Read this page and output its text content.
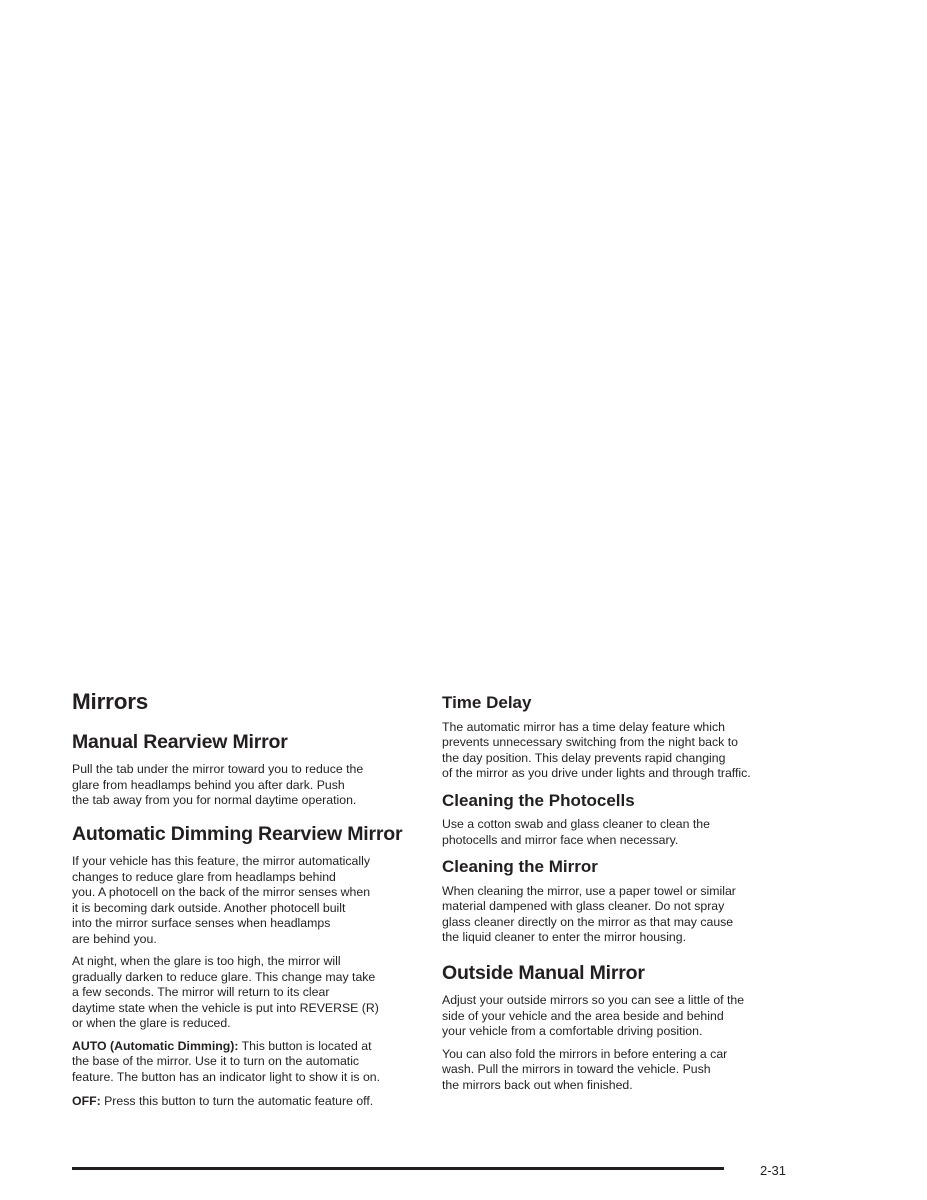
Mirrors
Manual Rearview Mirror

Pull the tab under the mirror toward you to reduce the
glare from headlamps behind you after dark. Push
the tab away from you for normal daytime operation.

Automatic Dimming Rearview Mirror

If your vehicle has this feature, the mirror automatically
changes to reduce glare from headlamps behind
you. A photocell on the back of the mirror senses when
it is becoming dark outside. Another photocell built
into the mirror surface senses when headlamps
are behind you.

At night, when the glare is too high, the mirror will
gradually darken to reduce glare. This change may take
a few seconds. The mirror will return to its clear
daytime state when the vehicle is put into REVERSE (R)
or when the glare is reduced.

AUTO (Automatic Dimming): This button is located at
the base of the mirror. Use it to turn on the automatic
feature. The button has an indicator light to show it is on.

OFF: Press this button to turn the automatic feature off.

Time Delay

The automatic mirror has a time delay feature which
prevents unnecessary switching from the night back to
the day position. This delay prevents rapid changing
of the mirror as you drive under lights and through traffic.

Cleaning the Photocells

Use a cotton swab and glass cleaner to clean the
photocells and mirror face when necessary.

Cleaning the Mirror

When cleaning the mirror, use a paper towel or similar
material dampened with glass cleaner. Do not spray
glass cleaner directly on the mirror as that may cause
the liquid cleaner to enter the mirror housing.

Outside Manual Mirror

Adjust your outside mirrors so you can see a little of the
side of your vehicle and the area beside and behind
your vehicle from a comfortable driving position.

You can also fold the mirrors in before entering a car
wash. Pull the mirrors in toward the vehicle. Push
the mirrors back out when finished.

2-31
